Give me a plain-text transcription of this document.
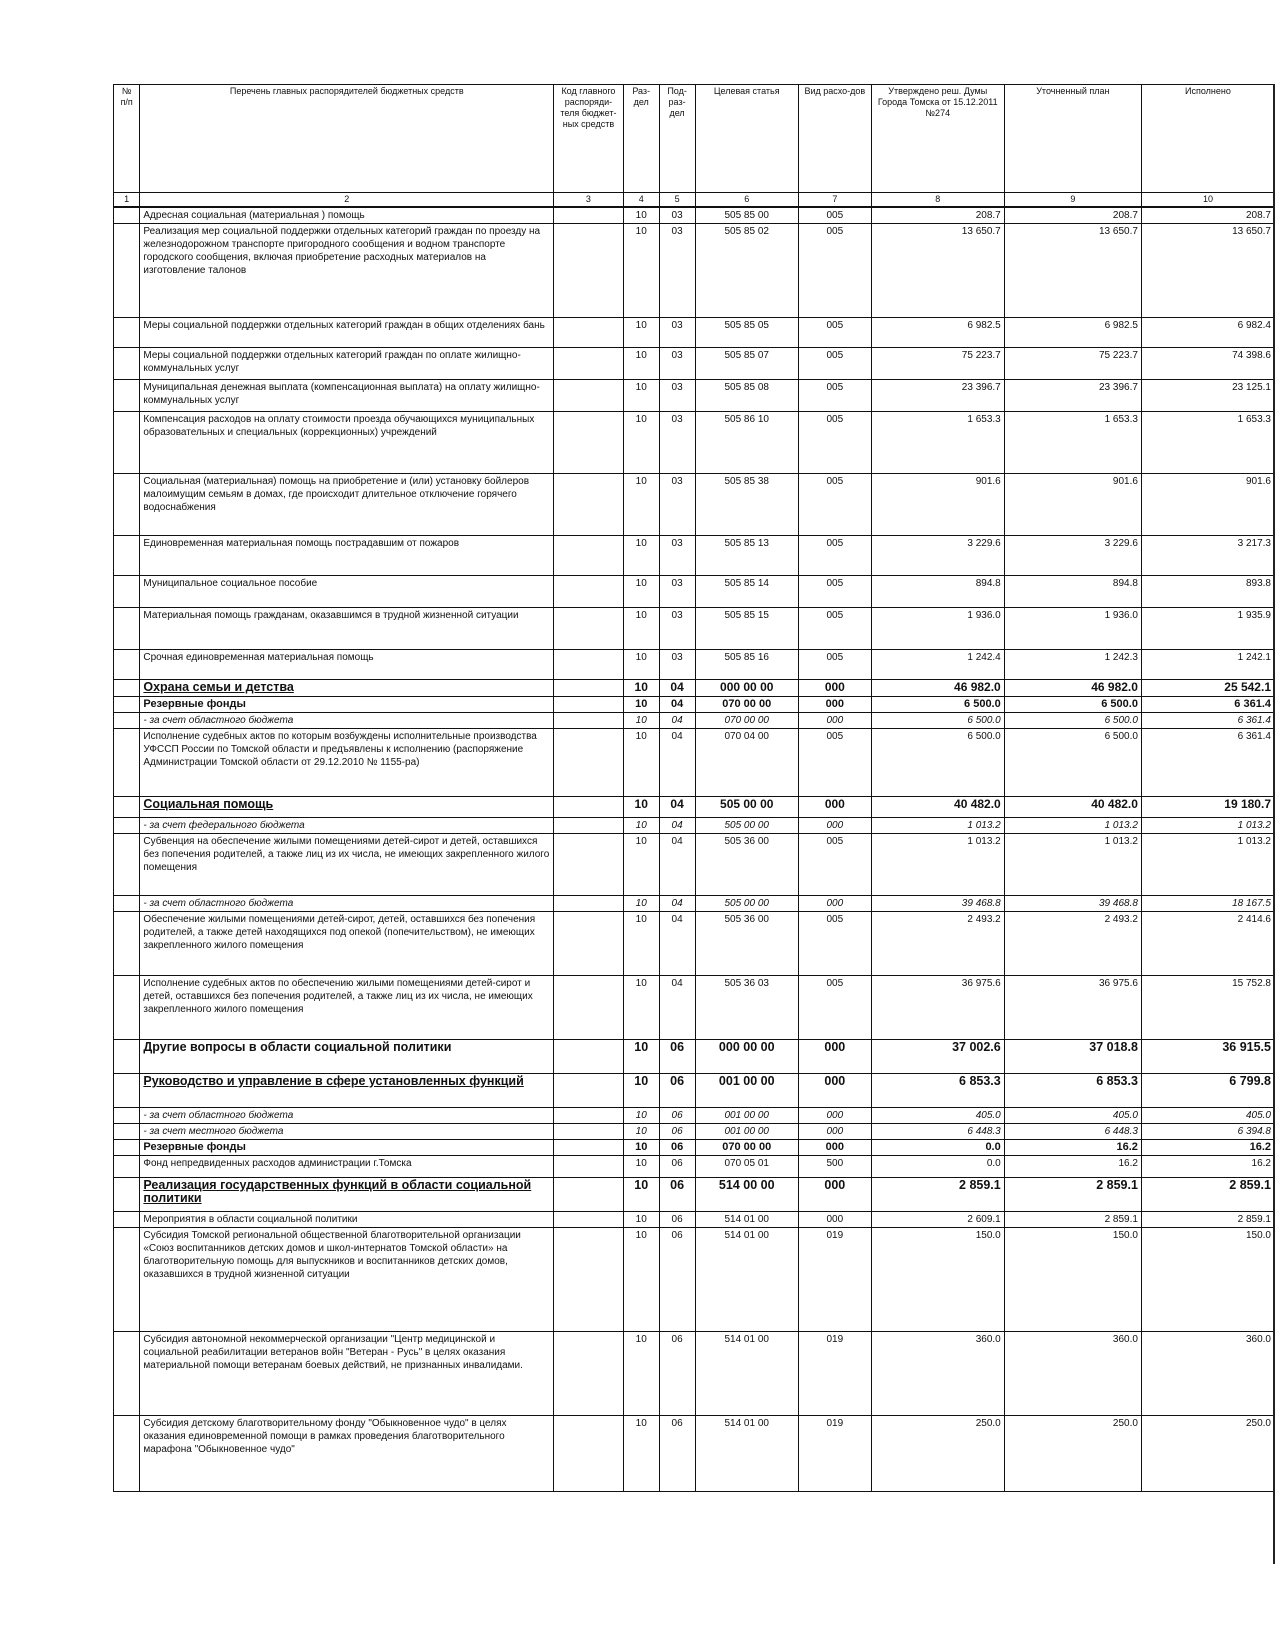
№ п/п	Перечень главных распорядителей бюджетных средств	Код главного распоряди-теля бюджет-ных средств	Раз-дел	Под-раз-дел	Целевая статья	Вид расхо-дов	Утверждено реш. Думы Города Томска от 15.12.2011 №274	Уточненный план	Исполнено
1	2	3	4	5	6	7	8	9	10
	Адресная социальная (материальная ) помощь		10	03	505 85 00	005	208.7	208.7	208.7
	Реализация мер социальной поддержки отдельных категорий граждан по проезду на железнодорожном транспорте пригородного сообщения и водном транспорте городского сообщения, включая приобретение расходных материалов на изготовление талонов		10	03	505 85 02	005	13 650.7	13 650.7	13 650.7
	Меры социальной поддержки отдельных категорий граждан в общих отделениях бань		10	03	505 85 05	005	6 982.5	6 982.5	6 982.4
	Меры социальной поддержки отдельных категорий граждан по оплате жилищно-коммунальных услуг		10	03	505 85 07	005	75 223.7	75 223.7	74 398.6
	Муниципальная денежная выплата (компенсационная выплата) на оплату жилищно-коммунальных услуг		10	03	505 85 08	005	23 396.7	23 396.7	23 125.1
	Компенсация расходов на оплату стоимости проезда обучающихся муниципальных образовательных и специальных (коррекционных) учреждений		10	03	505 86 10	005	1 653.3	1 653.3	1 653.3
	Социальная (материальная) помощь на приобретение и (или) установку бойлеров малоимущим семьям в домах, где происходит длительное отключение горячего водоснабжения		10	03	505 85 38	005	901.6	901.6	901.6
	Единовременная материальная помощь пострадавшим от пожаров		10	03	505 85 13	005	3 229.6	3 229.6	3 217.3
	Муниципальное социальное пособие		10	03	505 85 14	005	894.8	894.8	893.8
	Материальная помощь гражданам, оказавшимся в трудной жизненной ситуации		10	03	505 85 15	005	1 936.0	1 936.0	1 935.9
	Срочная единовременная материальная помощь		10	03	505 85 16	005	1 242.4	1 242.3	1 242.1
	Охрана семьи и детства		10	04	000 00 00	000	46 982.0	46 982.0	25 542.1
	Резервные фонды		10	04	070 00 00	000	6 500.0	6 500.0	6 361.4
	- за счет областного бюджета		10	04	070 00 00	000	6 500.0	6 500.0	6 361.4
	Исполнение судебных актов по которым возбуждены исполнительные производства УФССП России по Томской области и предъявлены к исполнению (распоряжение Администрации Томской области от 29.12.2010 № 1155-ра)		10	04	070 04 00	005	6 500.0	6 500.0	6 361.4
	Социальная помощь		10	04	505 00 00	000	40 482.0	40 482.0	19 180.7
	- за счет федерального бюджета		10	04	505 00 00	000	1 013.2	1 013.2	1 013.2
	Субвенция на обеспечение жилыми помещениями детей-сирот и детей, оставшихся без попечения родителей, а также лиц из их числа, не имеющих закрепленного жилого помещения		10	04	505 36 00	005	1 013.2	1 013.2	1 013.2
	- за счет областного бюджета		10	04	505 00 00	000	39 468.8	39 468.8	18 167.5
	Обеспечение жилыми помещениями детей-сирот, детей, оставшихся без попечения родителей, а также детей находящихся под опекой (попечительством), не имеющих закрепленного жилого помещения		10	04	505 36 00	005	2 493.2	2 493.2	2 414.6
	Исполнение судебных актов по обеспечению жилыми помещениями детей-сирот и детей, оставшихся без попечения родителей, а также лиц из их числа, не имеющих закрепленного жилого помещения		10	04	505 36 03	005	36 975.6	36 975.6	15 752.8
	Другие вопросы в области социальной политики		10	06	000 00 00	000	37 002.6	37 018.8	36 915.5
	Руководство и управление в сфере установленных функций		10	06	001 00 00	000	6 853.3	6 853.3	6 799.8
	- за счет областного бюджета		10	06	001 00 00	000	405.0	405.0	405.0
	- за счет местного бюджета		10	06	001 00 00	000	6 448.3	6 448.3	6 394.8
	Резервные фонды		10	06	070 00 00	000	0.0	16.2	16.2
	Фонд непредвиденных расходов администрации г.Томска		10	06	070 05 01	500	0.0	16.2	16.2
	Реализация государственных функций в области социальной политики		10	06	514 00 00	000	2 859.1	2 859.1	2 859.1
	Мероприятия в области социальной политики		10	06	514 01 00	000	2 609.1	2 859.1	2 859.1
	Субсидия Томской региональной общественной благотворительной организации «Союз воспитанников детских домов и школ-интернатов Томской области» на благотворительную помощь для выпускников и воспитанников детских домов, оказавшихся в трудной жизненной ситуации		10	06	514 01 00	019	150.0	150.0	150.0
	Субсидия автономной некоммерческой организации "Центр медицинской и социальной реабилитации ветеранов войн "Ветеран - Русь" в целях оказания материальной помощи ветеранам боевых действий, не признанных инвалидами.		10	06	514 01 00	019	360.0	360.0	360.0
	Субсидия детскому благотворительному фонду "Обыкновенное чудо" в целях оказания единовременной помощи в рамках проведения благотворительного марафона "Обыкновенное чудо"		10	06	514 01 00	019	250.0	250.0	250.0
